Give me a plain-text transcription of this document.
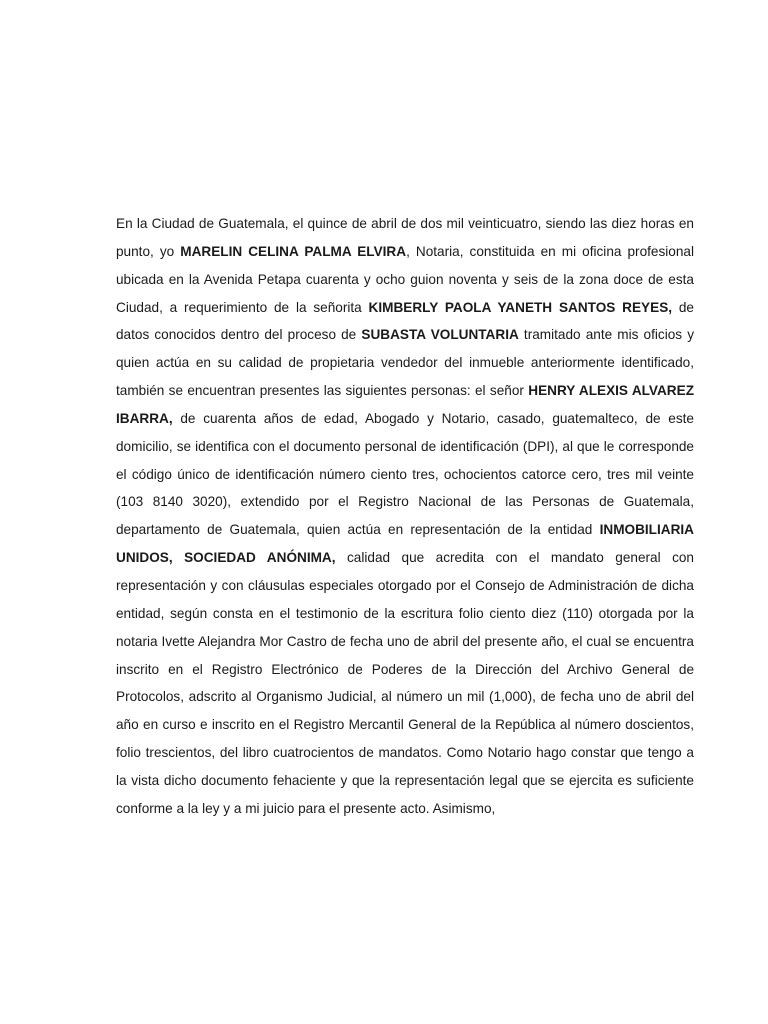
En la Ciudad de Guatemala, el quince de abril de dos mil veinticuatro, siendo las diez horas en punto, yo MARELIN CELINA PALMA ELVIRA, Notaria, constituida en mi oficina profesional ubicada en la Avenida Petapa cuarenta y ocho guion noventa y seis de la zona doce de esta Ciudad, a requerimiento de la señorita KIMBERLY PAOLA YANETH SANTOS REYES, de datos conocidos dentro del proceso de SUBASTA VOLUNTARIA tramitado ante mis oficios y quien actúa en su calidad de propietaria vendedor del inmueble anteriormente identificado, también se encuentran presentes las siguientes personas: el señor HENRY ALEXIS ALVAREZ IBARRA, de cuarenta años de edad, Abogado y Notario, casado, guatemalteco, de este domicilio, se identifica con el documento personal de identificación (DPI), al que le corresponde el código único de identificación número ciento tres, ochocientos catorce cero, tres mil veinte (103 8140 3020), extendido por el Registro Nacional de las Personas de Guatemala, departamento de Guatemala, quien actúa en representación de la entidad INMOBILIARIA UNIDOS, SOCIEDAD ANÓNIMA, calidad que acredita con el mandato general con representación y con cláusulas especiales otorgado por el Consejo de Administración de dicha entidad, según consta en el testimonio de la escritura folio ciento diez (110) otorgada por la notaria Ivette Alejandra Mor Castro de fecha uno de abril del presente año, el cual se encuentra inscrito en el Registro Electrónico de Poderes de la Dirección del Archivo General de Protocolos, adscrito al Organismo Judicial, al número un mil (1,000), de fecha uno de abril del año en curso e inscrito en el Registro Mercantil General de la República al número doscientos, folio trescientos, del libro cuatrocientos de mandatos. Como Notario hago constar que tengo a la vista dicho documento fehaciente y que la representación legal que se ejercita es suficiente conforme a la ley y a mi juicio para el presente acto. Asimismo,
